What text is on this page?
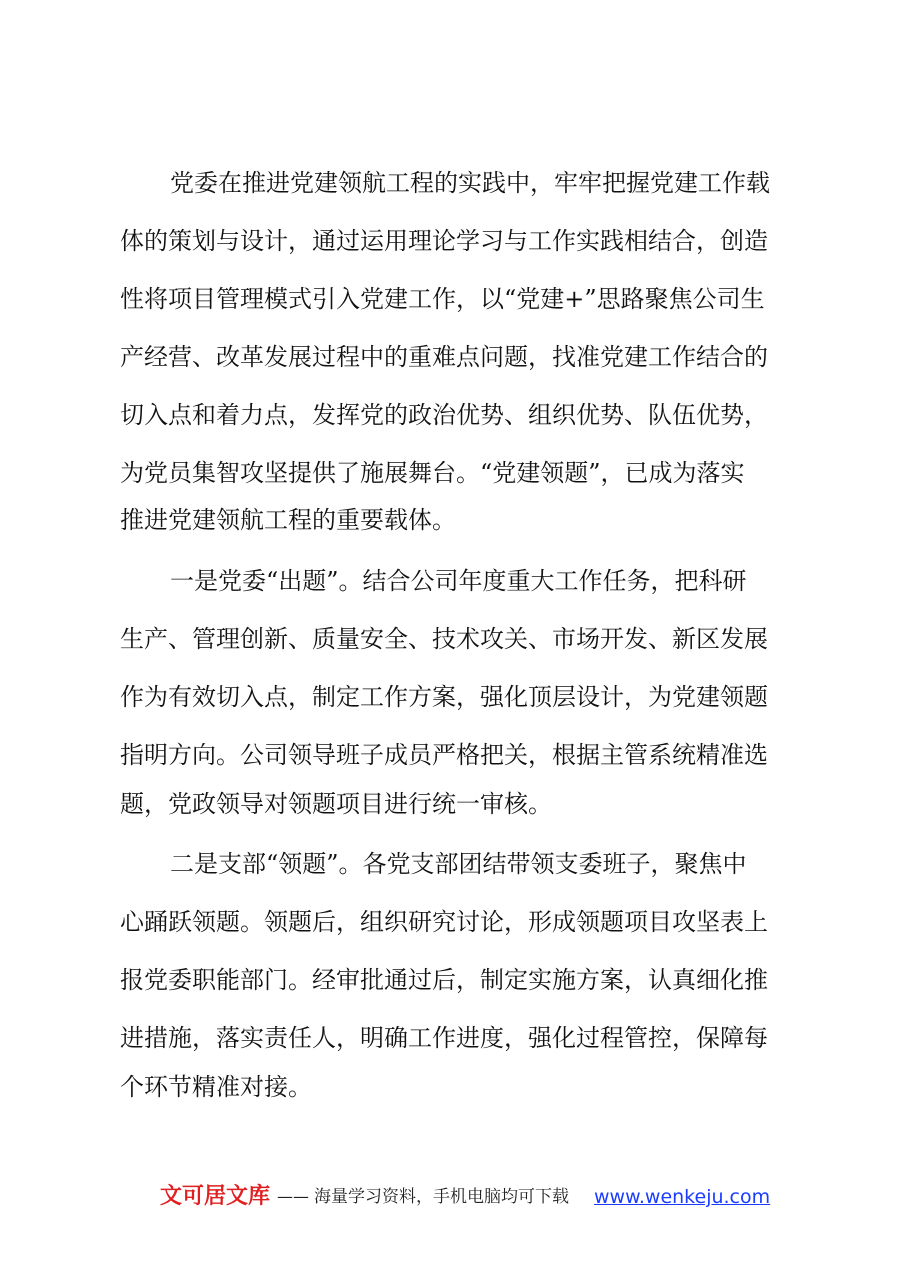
党委在推进党建领航工程的实践中，牢牢把握党建工作载
体的策划与设计，通过运用理论学习与工作实践相结合，创造
性将项目管理模式引入党建工作，以“党建+”思路聚焦公司生
产经营、改革发展过程中的重难点问题，找准党建工作结合的
切入点和着力点，发挥党的政治优势、组织优势、队伍优势，
为党员集智攻坚提供了施展舞台。“党建领题”，已成为落实
推进党建领航工程的重要载体。
一是党委“出题”。结合公司年度重大工作任务，把科研
生产、管理创新、质量安全、技术攻关、市场开发、新区发展
作为有效切入点，制定工作方案，强化顶层设计，为党建领题
指明方向。公司领导班子成员严格把关，根据主管系统精准选
题，党政领导对领题项目进行统一审核。
二是支部“领题”。各党支部团结带领支委班子，聚焦中
心踊跃领题。领题后，组织研究讨论，形成领题项目攻坚表上
报党委职能部门。经审批通过后，制定实施方案，认真细化推
进措施，落实责任人，明确工作进度，强化过程管控，保障每
个环节精准对接。
文可居文库 —— 海量学习资料，手机电脑均可下载 www.wenkeju.com
